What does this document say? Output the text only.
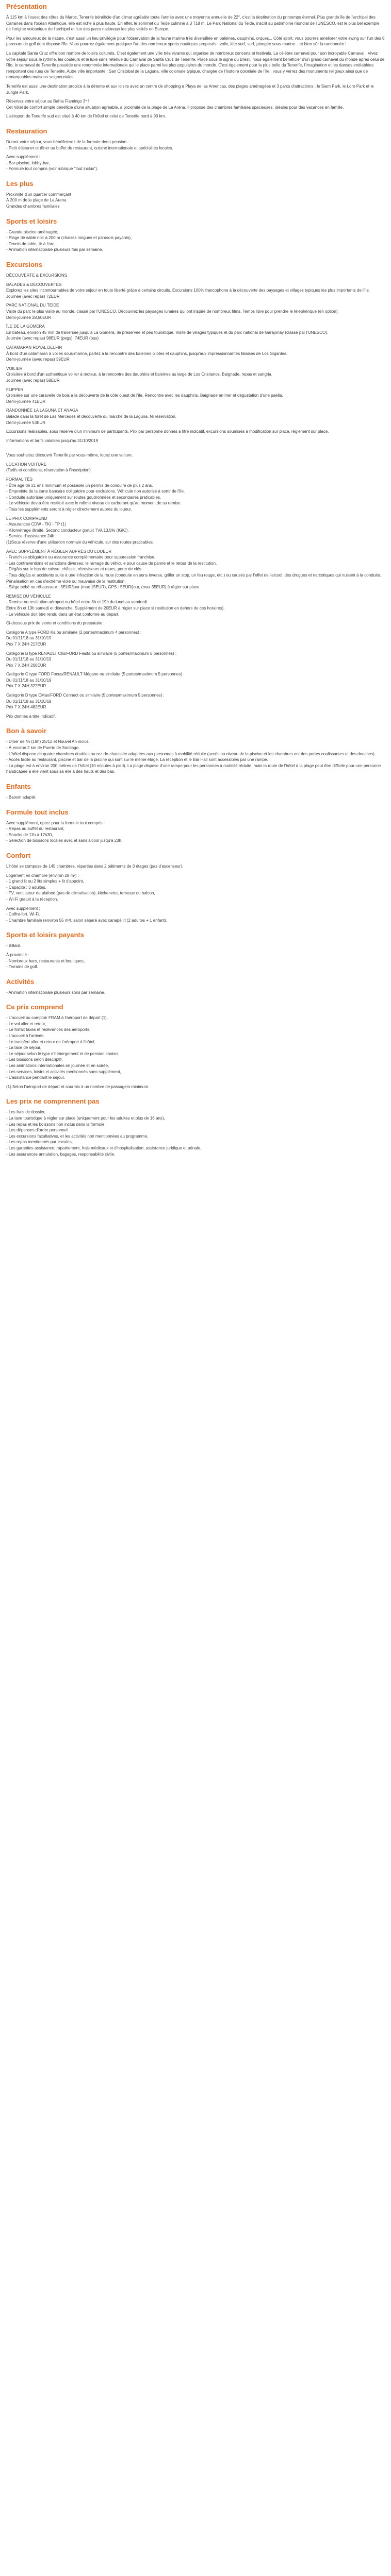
Présentation
À 115 km à l'ouest des côtes du Maroc, Tenerife bénéficie d'un climat agréable toute l'année avec une moyenne annuelle de 22°, c'est la destination du printemps éternel. Plus grande île de l'archipel des Canaries dans l'océan Atlantique, elle est riche à plus haute. En effet, le sommet du Teide culmine à 3 718 m. Le Parc National du Teide, inscrit au patrimoine mondial de l'UNESCO, est le plus bel exemple de l'origine volcanique de l'archipel et l'un des parcs nationaux les plus visités en Europe.
Pour les amoureux de la nature, c'est aussi un lieu privilégié pour l'observation de la faune marine très diversifiée en baleines, dauphins, orques... Côté sport, vous pourrez améliorer votre swing sur l'un des 8 parcours de golf dont dispose l'île. Vous pourrez également pratiquer l'un des nombreux sports nautiques proposés : voile, kite surf, surf, plongée sous-marine... et bien sûr la randonnée !
La capitale Santa Cruz offre bon nombre de loisirs culturels. C'est également une ville très vivante qui organise de nombreux concerts et festivals. La célèbre carnaval pour son incroyable Carnaval ! Vivez votre séjour sous le rythme, les couleurs et le luxe sans retenue du Carnaval de Santa Cruz de Tenerife. Placé sous le signe du Brésil, nous également bénéficier d'un grand carnaval du monde après celui de Rio, le carnaval de Tenerife possède une renommée internationale qui le place parmi les plus populaires du monde. C'est également pour la plus belle du Tenerife, l'imagination et les danses endiablées remportent des rues de Tenerife. Autre ville importante : San Cristobal de la Laguna, ville coloniale typique, chargée de l'histoire coloniale de l'île : vous y verrez des monuments religieux ainsi que de remarquables maisons seigneuriales.
Tenerife est aussi une destination propice à la détente et aux loisirs avec un centre de shopping à Playa de las Americas, des plages aménagées et 3 parcs d'attractions : le Siam Park, le Loro Park et le Jungle Park.
Réservez votre séjour au Bahia Flamingo 3* !
Cet hôtel de confort simple bénéficie d'une situation agréable, à proximité de la plage de La Arena. Il propose des chambres familiales spacieuses, idéales pour des vacances en famille.
L'aéroport de Tenerife sud est situé à 40 km de l'hôtel et celui de Tenerife nord à 90 km.
Restauration
Durant votre séjour, vous bénéficierez de la formule demi-pension :
- Petit déjeuner et dîner au buffet du restaurant, cuisine internationale et spécialités locales.
Avec supplément :
- Bar-piscine, lobby-bar,
- Formule tout compris (voir rubrique "tout inclus").
Les plus
Proximité d'un quartier commerçant
À 200 m de la plage de La Arena
Grandes chambres familiales
Sports et loisirs
- Grande piscine aménagée,
- Plage de sable noir à 200 m (chaises longues et parasols payants),
- Tennis de table, tir à l'arc,
- Animation internationale plusieurs fois par semaine.
Excursions
DÉCOUVERTE & EXCURSIONS
BALADES & DÉCOUVERTES
Explorez les sites incontournables de votre séjour en toute liberté grâce à certains circuits. Excursions 100% francophone à la découverte des paysages et villages typiques les plus importants de l'île.
Journée (avec repas) 72EUR
PARC NATIONAL DU TEIDE
Visite du parc le plus visité au monde, classé par l'UNESCO. Découvrez les paysages lunaires qui ont inspiré de nombreux films. Temps libre pour prendre le téléphérique (en option).
Demi-journée 28,50EUR
ÎLE DE LA GOMERA
En bateau, environ 45 min de traversée jusqu'à La Gomera, île préservée et peu touristique. Visite de villages typiques et du parc national de Garajonay (classé par l'UNESCO).
Journée (avec repas) 98EUR (pegs), 74EUR (bus)
CATAMARAN ROYAL DELFIN
À bord d'un catamaran à voiles sous-marine, partez à la rencontre des baleines pilotes et dauphins, jusqu'aux impressionnantes falaises de Los Gigantes.
Demi-journée (avec repas) 39EUR
VOILIER
Croisière à bord d'un authentique voilier à moteur, à la rencontre des dauphins et baleines au large de Los Cristianos. Baignade, repas et sangria.
Journée (avec repas) 58EUR
FLIPPER
Croisière sur une caravelle de bois à la découverte de la côte ouest de l'île. Rencontre avec les dauphins. Baignade en mer et dégustation d'une paëlla.
Demi-journée 41EUR
RANDONNÉE LA LAGUNA ET ANAGA
Balade dans la forêt de Las Mercedes et découverte du marché de la Laguna. Ni réservation.
Demi-journée 53EUR
Excursions réalisables, sous réserve d'un minimum de participants. Prix par personne donnés à titre indicatif, excursions soumises à modification sur place, règlement sur place.
Informations et tarifs valables jusqu'au 31/10/2019
Vous souhaitez découvrir Tenerife par vous-même, louez une voiture.
LOCATION VOITURE
(Tarifs et conditions, réservation à l'inscription)
FORMALITÉS
- Être âgé de 21 ans minimum et posséder un permis de conduire de plus 2 ans.
- Empreinte de la carte bancaire obligatoire pour exclusions. Véhicule non autorisé à sortir de l'île.
- Conduite autorisée uniquement sur routes goudronnées et secondaires praticables.
- Le véhicule devra être restitué avec le même niveau de carburant qu'au moment de sa remise.
- Tous les suppléments seront à régler directement auprès du loueur.
LE PRIX COMPREND
- Assurances CDW - TKI - TP (1)
- Kilométrage illimité. Second conducteur gratuit TVA 13,5% (IGIC).
- Service d'assistance 24h.
(1)Sous réserve d'une utilisation normale du véhicule, sur des routes praticables.
AVEC SUPPLÉMENT À RÉGLER AUPRÈS DU LOUEUR
- Franchise obligatoire ou assurance complémentaire pour suppression franchise.
- Les contraventions et sanctions diverses, le ramage du véhicule pour cause de panne et le retour de la restitution.
- Dégâts sur le bas de caisse, châssis, rétroviseurs et roues, perte de clés.
- Tous dégâts et accidents suite à une infraction de la route (conduite en sens inverse, griller un stop, un feu rouge, etc.) ou causés par l'effet de l'alcool, des drogues et narcotiques qui nuisent à la conduite. Pénalisation en cas d'extrême violé ou mauvaise de la restitution.
- Siège bébé ou réhausseur : 3EUR/jour (max 15EUR), GPS : 5EUR/jour, (max 35EUR) à régler sur place.
REMISE DU VÉHICULE
- Remise ou restitution aéroport ou hôtel entre 8h et 19h du lundi au vendredi.
Entre 8h et 13h samedi et dimanche. Supplément de 20EUR à régler sur place si restitution en dehors de ces horaires).
- Le véhicule doit être rendu dans un état conforme au départ.
Ci-dessous prix de vente et conditions du prestataire :
Catégorie A type FORD Ka ou similaire (2 portes/maximum 4 personnes) :
Du 01/11/18 au 31/10/19
Prix 7 X 24H 217EUR
Catégorie B type RENAULT Clio/FORD Fiesta ou similaire (5 portes/maximum 5 personnes) :
Du 01/11/18 au 31/10/19
Prix 7 X 24H 266EUR
Catégorie C type FORD Focus/RENAULT Mégane ou similaire (5 portes/maximum 5 personnes) :
Du 01/11/18 au 31/10/19
Prix 7 X 24H 322EUR
Catégorie D type CMax/FORD Connect ou similaire (5 portes/maximum 5 personnes) :
Du 01/11/18 au 31/10/19
Prix 7 X 24H 462EUR
Prix donnés à titre indicatif.
Bon à savoir
- Dîner de fin (19h) 25/12 et Nouvel An inclus.
- À environ 2 km de Puerto de Santiago.
- L'hôtel dispose de quatre chambres doubles au rez-de-chaussée adaptées aux personnes à mobilité réduite (accès au niveau de la piscine et les chambres ont des portes coulissantes et des douches).
- Accès facile au restaurant, piscine et bar de la piscine qui sont sur le même étage. La réception et le Bar Hall sont accessibles par une rampe.
- La plage est à environ 200 mètres de l'hôtel (10 minutes à pied). La plage dispose d'une rampe pour les personnes à mobilité réduite, mais la route de l'hôtel à la plage peut être difficile pour une personne handicapée à elle vient sous sa elle a des hauts et des bas.
Enfants
- Baosin adapté.
Formule tout inclus
Avec supplément, optez pour la formule tout compris :
- Repas au buffet du restaurant,
- Snacks de 11h à 17h30,
- Sélection de boissons locales avec et sans alcool jusqu'à 23h.
Confort
L'hôtel se compose de 145 chambres, réparties dans 2 bâtiments de 3 étages (pas d'ascenseur).
Logement en chambre (environ 29 m²) :
- 1 grand lit ou 2 lits simples + lit d'appoint,
- Capacité : 3 adultes,
- TV, ventilateur de plafond (pas de climatisation), kitchenette, terrasse ou balcon,
- Wi-Fi gratuit à la réception.
Avec supplément :
- Coffre-fort, Wi-Fi,
- Chambre familiale (environ 55 m²), salon séparé avec canapé lit (2 adultes + 1 enfant).
Sports et loisirs payants
- Billard.
À proximité :
- Nombreux bars, restaurants et boutiques,
- Terrains de golf.
Activités
- Animation internationale plusieurs soirs par semaine.
Ce prix comprend
- L'accueil ou comptoir FRAM à l'aéroport de départ (1),
- Le vol aller et retour,
- Le forfait taxes et redevances des aéroports,
- L'accueil à l'arrivée,
- Le transfert aller et retour de l'aéroport à l'hôtel,
- La taxe de séjour,
- Le séjour selon le type d'hébergement et de pension choisis,
- Les boissons selon descriptif,
- Les animations internationales en journée et en soirée,
- Les services, loisirs et activités mentionnés sans supplément,
- L'assistance pendant le séjour.
(1) Selon l'aéroport de départ et sourmis à un nombre de passagers minimum.
Les prix ne comprennent pas
- Les frais de dossier,
- La taxe touristique à régler sur place (uniquement pour les adultes et plus de 16 ans),
- Les repas et les boissons non inclus dans la formule,
- Les dépenses d'ordre personnel
- Les excursions facultatives, et les activités non mentionnées au programme,
- Les repas mentionnés par escales,
- Les garanties assistance, rapatriement, frais médicaux et d'hospitalisation, assistance juridique et pénale,
- Les assurances annulation, bagages, responsabilité civile.
